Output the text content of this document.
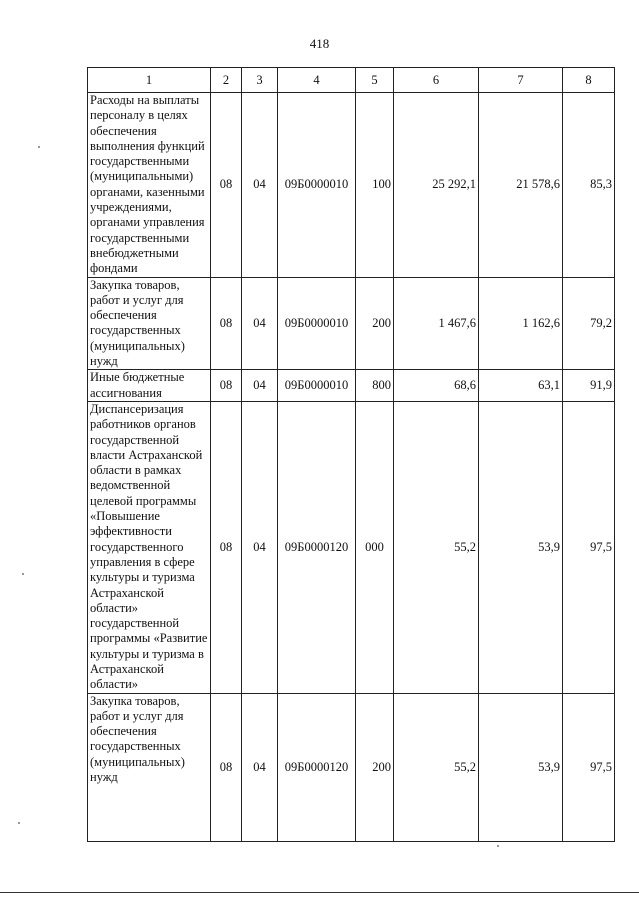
418
1	2	3	4	5	6	7	8
Расходы на выплаты персоналу в целях обеспечения выполнения функций государственными (муниципальными) органами, казенными учреждениями, органами управления государственными внебюджетными фондами	08	04	09Б0000010	100	25 292,1	21 578,6	85,3
Закупка товаров, работ и услуг для обеспечения государственных (муниципальных) нужд	08	04	09Б0000010	200	1 467,6	1 162,6	79,2
Иные бюджетные ассигнования	08	04	09Б0000010	800	68,6	63,1	91,9
Диспансеризация работников органов государственной власти Астраханской области в рамках ведомственной целевой программы «Повышение эффективности государственного управления в сфере культуры и туризма Астраханской области» государственной программы «Развитие культуры и туризма в Астраханской области»	08	04	09Б0000120	000	55,2	53,9	97,5
Закупка товаров, работ и услуг для обеспечения государственных (муниципальных) нужд	08	04	09Б0000120	200	55,2	53,9	97,5
